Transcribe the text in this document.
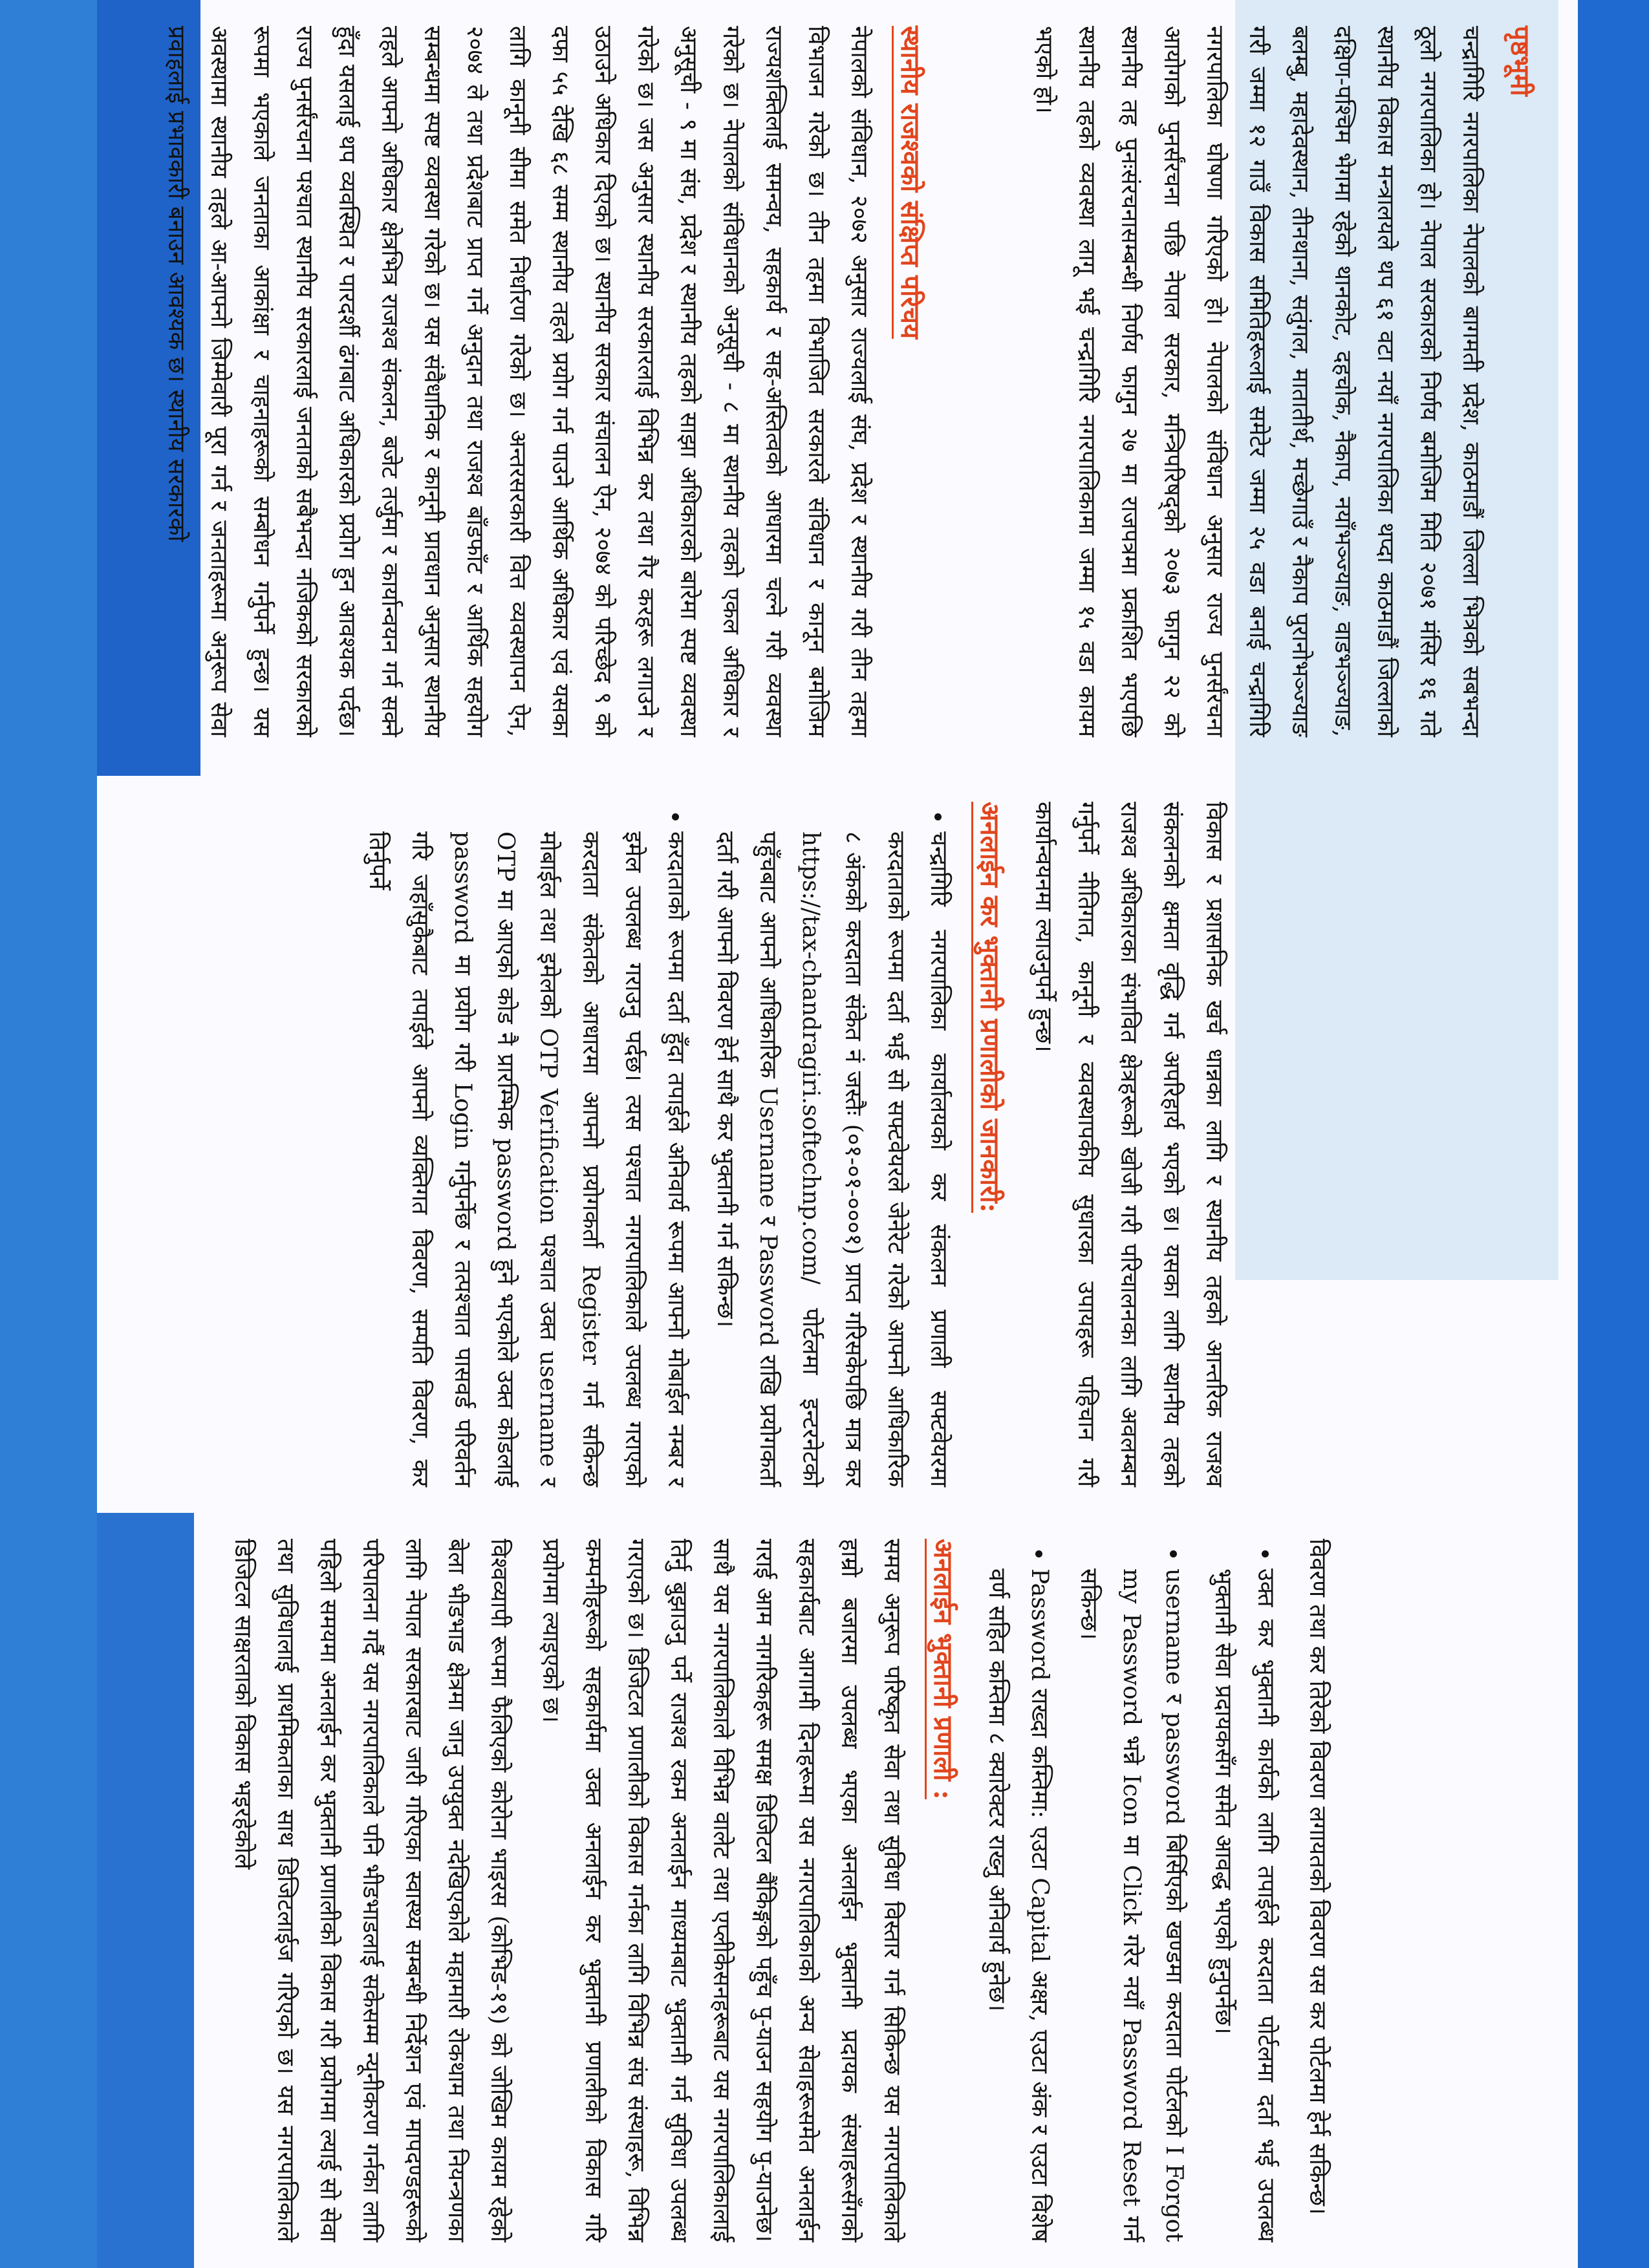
पृष्ठभूमी

चन्द्रागिरि नगरपालिका नेपालको बागमती प्रदेश, काठमाडौं जिल्ला भित्रको सबभन्दा ठूलो नगरपालिका हो। नेपाल सरकारको निर्णय बमोजिम मिति २०७१ मंसिर १६ गते स्थानीय विकास मन्त्रालयले थप ६१ वटा नयाँ नगरपालिका थप्दा काठमाडौं जिल्लाको दक्षिण-पश्चिम भेगमा रहेको थानकोट, दहचोक, नैकाप, नयाँभञ्ज्याङ, वाडभञ्ज्याङ, बलम्बु, महादेवस्थान, तीनथाना, सतुंगल, मातातीर्थ, मच्छेगाउँ र नैकाप पुरानोभञ्ज्याङ गरी जम्मा १२ गाउँ विकास समितिहरूलाई समेटेर जम्मा २५ वडा बनाई चन्द्रागिरि नगरपालिका घोषणा गरिएको हो। नेपालको संविधान अनुसार राज्य पुनर्संरचना आयोगको पुनर्संरचना पछि नेपाल सरकार, मन्त्रिपरिषद्‌को २०७३ फागुन २२ को स्थानीय तह पुनःसंरचनासम्बन्धी निर्णय फागुन २७ मा राजपत्रमा प्रकाशित भएपछि स्थानीय तहको व्यवस्था लागू भई चन्द्रागिरि नगरपालिकामा जम्मा १५ वडा कायम भएको हो।

स्थानीय राजश्वको संक्षिप्त परिचय

नेपालको संविधान, २०७२ अनुसार राज्यलाई संघ, प्रदेश र स्थानीय गरी तीन तहमा विभाजन गरेको छ। तीन तहमा विभाजित सरकारले संविधान र कानून बमोजिम राज्यशक्तिलाई समन्वय, सहकार्य र सह-अस्तित्वको आधारमा चल्ने गरी व्यवस्था गरेको छ। नेपालको संविधानको अनुसूची - ८ मा स्थानीय तहको एकल अधिकार र अनुसूची - ९ मा संघ, प्रदेश र स्थानीय तहको साझा अधिकारको बारेमा स्पष्ट व्यवस्था गरेको छ। जस अनुसार स्थानीय सरकारलाई विभिन्न कर तथा गैर करहरू लगाउने र उठाउने अधिकार दिएको छ। स्थानीय सरकार संचालन ऐन, २०७४ को परिच्छेद ९ को दफा ५५ देखि ६८ सम्म स्थानीय तहले प्रयोग गर्न पाउने आर्थिक अधिकार एवं यसका लागि कानूनी सीमा समेत निर्धारण गरेको छ। अन्तरसरकारी वित्त व्यवस्थापन ऐन, २०७४ ले तथा प्रदेशबाट प्राप्त गर्ने अनुदान तथा राजश्व बाँडफाँट र आर्थिक सहयोग सम्बन्धमा स्पष्ट व्यवस्था गरेको छ। यस संवैधानिक र कानूनी प्रावधान अनुसार स्थानीय तहले आफ्नो अधिकार क्षेत्रभित्र राजश्व संकलन, बजेट तर्जुमा र कार्यान्वयन गर्न सक्ने हुँदा यसलाई थप व्यवस्थित र पारदर्शी ढंगबाट अधिकारको प्रयोग हुन आवश्यक पर्दछ। राज्य पुनर्संरचना पश्चात स्थानीय सरकारलाई जनताको सबैभन्दा नजिकको सरकारको रूपमा भएकाले जनताका आकांक्षा र चाहनाहरूको सम्बोधन गर्नुपर्ने हुन्छ। यस अवस्थामा स्थानीय तहले आ-आफ्नो जिम्मेवारी पूरा गर्न र जनताहरूमा अनुरूप सेवा प्रवाहलाई प्रभावकारी बनाउन आवश्यक छ। स्थानीय सरकारको

विकास र प्रशासनिक खर्च धान्नका लागि र स्थानीय तहको आन्तरिक राजश्व संकलनको क्षमता वृद्धि गर्न अपरिहार्य भएको छ। यसका लागि स्थानीय तहको राजश्व अधिकारका संभावित क्षेत्रहरूको खोजी गरी परिचालनका लागि अवलम्बन गर्नुपर्ने नीतिगत, कानूनी र व्यवस्थापकीय सुधारका उपायहरू पहिचान गरी कार्यान्वयनमा ल्याउनुपर्ने हुन्छ।

अनलाईन कर भुक्तानी प्रणालीको जानकारी:
• चन्द्रागिरि नगरपालिका कार्यालयको कर संकलन प्रणाली सफ्टवेयरमा करदाताको रूपमा दर्ता भई सो सफ्टवेयरले जेनेरेट गरेको आफ्नो आधिकारिक ८ अंकको करदाता संकेत नं जस्तैः (०१-०१-०००१) प्राप्त गरिसकेपछि मात्र कर https://tax-chandragiri.softechnp.com/ पोर्टलमा इन्टरनेटको पहुँचबाट आफ्नो आधिकारिक Username र Password राखि प्रयोगकर्ता दर्ता गरी आफ्नो विवरण हेर्न साथै कर भुक्तानी गर्न सकिन्छ।
• करदाताको रूपमा दर्ता हुँदा तपाईले अनिवार्य रूपमा आफ्नो मोबाईल नम्बर र इमेल उपलब्ध गराउनु पर्दछ। त्यस पश्चात नगरपालिकाले उपलब्ध गराएको करदाता संकेतको आधारमा आफ्नो प्रयोगकर्ता Register गर्न सकिन्छ मोबाईल तथा इमेलको OTP Verification पश्चात उक्त username र OTP मा आएको कोड नै प्रारम्भिक password हुने भएकोले उक्त कोडलाई password मा प्रयोग गरी Login गर्नुपर्नेछ र तत्पश्चात पासवर्ड परिवर्तन गरि जहाँसुकैबाट तपाईले आफ्नो व्यक्तिगत विवरण, सम्पति विवरण, कर तिर्नुपर्ने

विवरण तथा कर तिरेको विवरण लगायतको विवरण यस कर पोर्टलमा हेर्न सकिन्छ।

• उक्त कर भुक्तानी कार्यको लागि तपाईले करदाता पोर्टलमा दर्ता भई उपलब्ध भुक्तानी सेवा प्रदायकसँग समेत आवद्ध भएको हुनुपर्नेछ।
• username र password बिर्सिएको खण्डमा करदाता पोर्टलको I Forgot my Password भन्ने Icon मा Click गरेर नयाँ Password Reset गर्न सकिन्छ।
• Password राख्दा कम्तिमा: एउटा Capital अक्षर, एउटा अंक र एउटा विशेष वर्ण सहित कम्तिमा ८ क्यारेक्टर राख्नु अनिवार्य हुनेछ।
अनलाईन भुक्तानी प्रणाली :

समय अनुरूप परिष्कृत सेवा तथा सुविधा विस्तार गर्न सिकिन्छ यस नगरपालिकाले हाम्रो बजारमा उपलब्ध भएका अनलाईन भुक्तानी प्रदायक संस्थाहरूसँगको सहकार्यबाट आगामी दिनहरूमा यस नगरपालिकाको अन्य सेवाहरूसमेत अनलाईन गराई आम नागरिकहरू समक्ष डिजिटल बैंकिङ्गको पहुँच पु-याउन सहयोग पु-याउनेछ। साथै यस नगरपालिकाले विभिन्न वालेट तथा एप्लीकेसनहरूबाट यस नगरपालिकालाई तिर्नु बुझाउनु पर्ने राजश्व रकम अनलाईन माध्यमबाट भुक्तानी गर्न सुविधा उपलब्ध गराएको छ। डिजिटल प्रणालीको विकास गर्नका लागि विभिन्न संघ संस्थाहरू, विभिन्न कम्पनीहरूको सहकार्यमा उक्त अनलाईन कर भुक्तानी प्रणालीको विकास गरि प्रयोगमा ल्याइएको छ।

विश्वव्यापी रूपमा फैलिएको कोरोना भाइरस (कोभिड-१९) को जोखिम कायम रहेको बेला भीडभाड क्षेत्रमा जानु उपयुक्त नदेखिएकोले महामारी रोकथाम तथा नियन्त्रणका लागि नेपाल सरकारबाट जारी गरिएका स्वास्थ्य सम्बन्धी निर्देशन एवं मापदण्डहरूको परिपालना गर्दै यस नगरपालिकाले पनि भीडभाडलाई सकेसम्म न्यूनीकरण गर्नका लागि पहिलो समयमा अनलाईन कर भुक्तानी प्रणालीको विकास गरी प्रयोगमा ल्याई सो सेवा तथा सुविधालाई प्राथमिकताका साथ डिजिटलाईज गरिएको छ। यस नगरपालिकाले डिजिटल साक्षरताको विकास भइरहेकोले
